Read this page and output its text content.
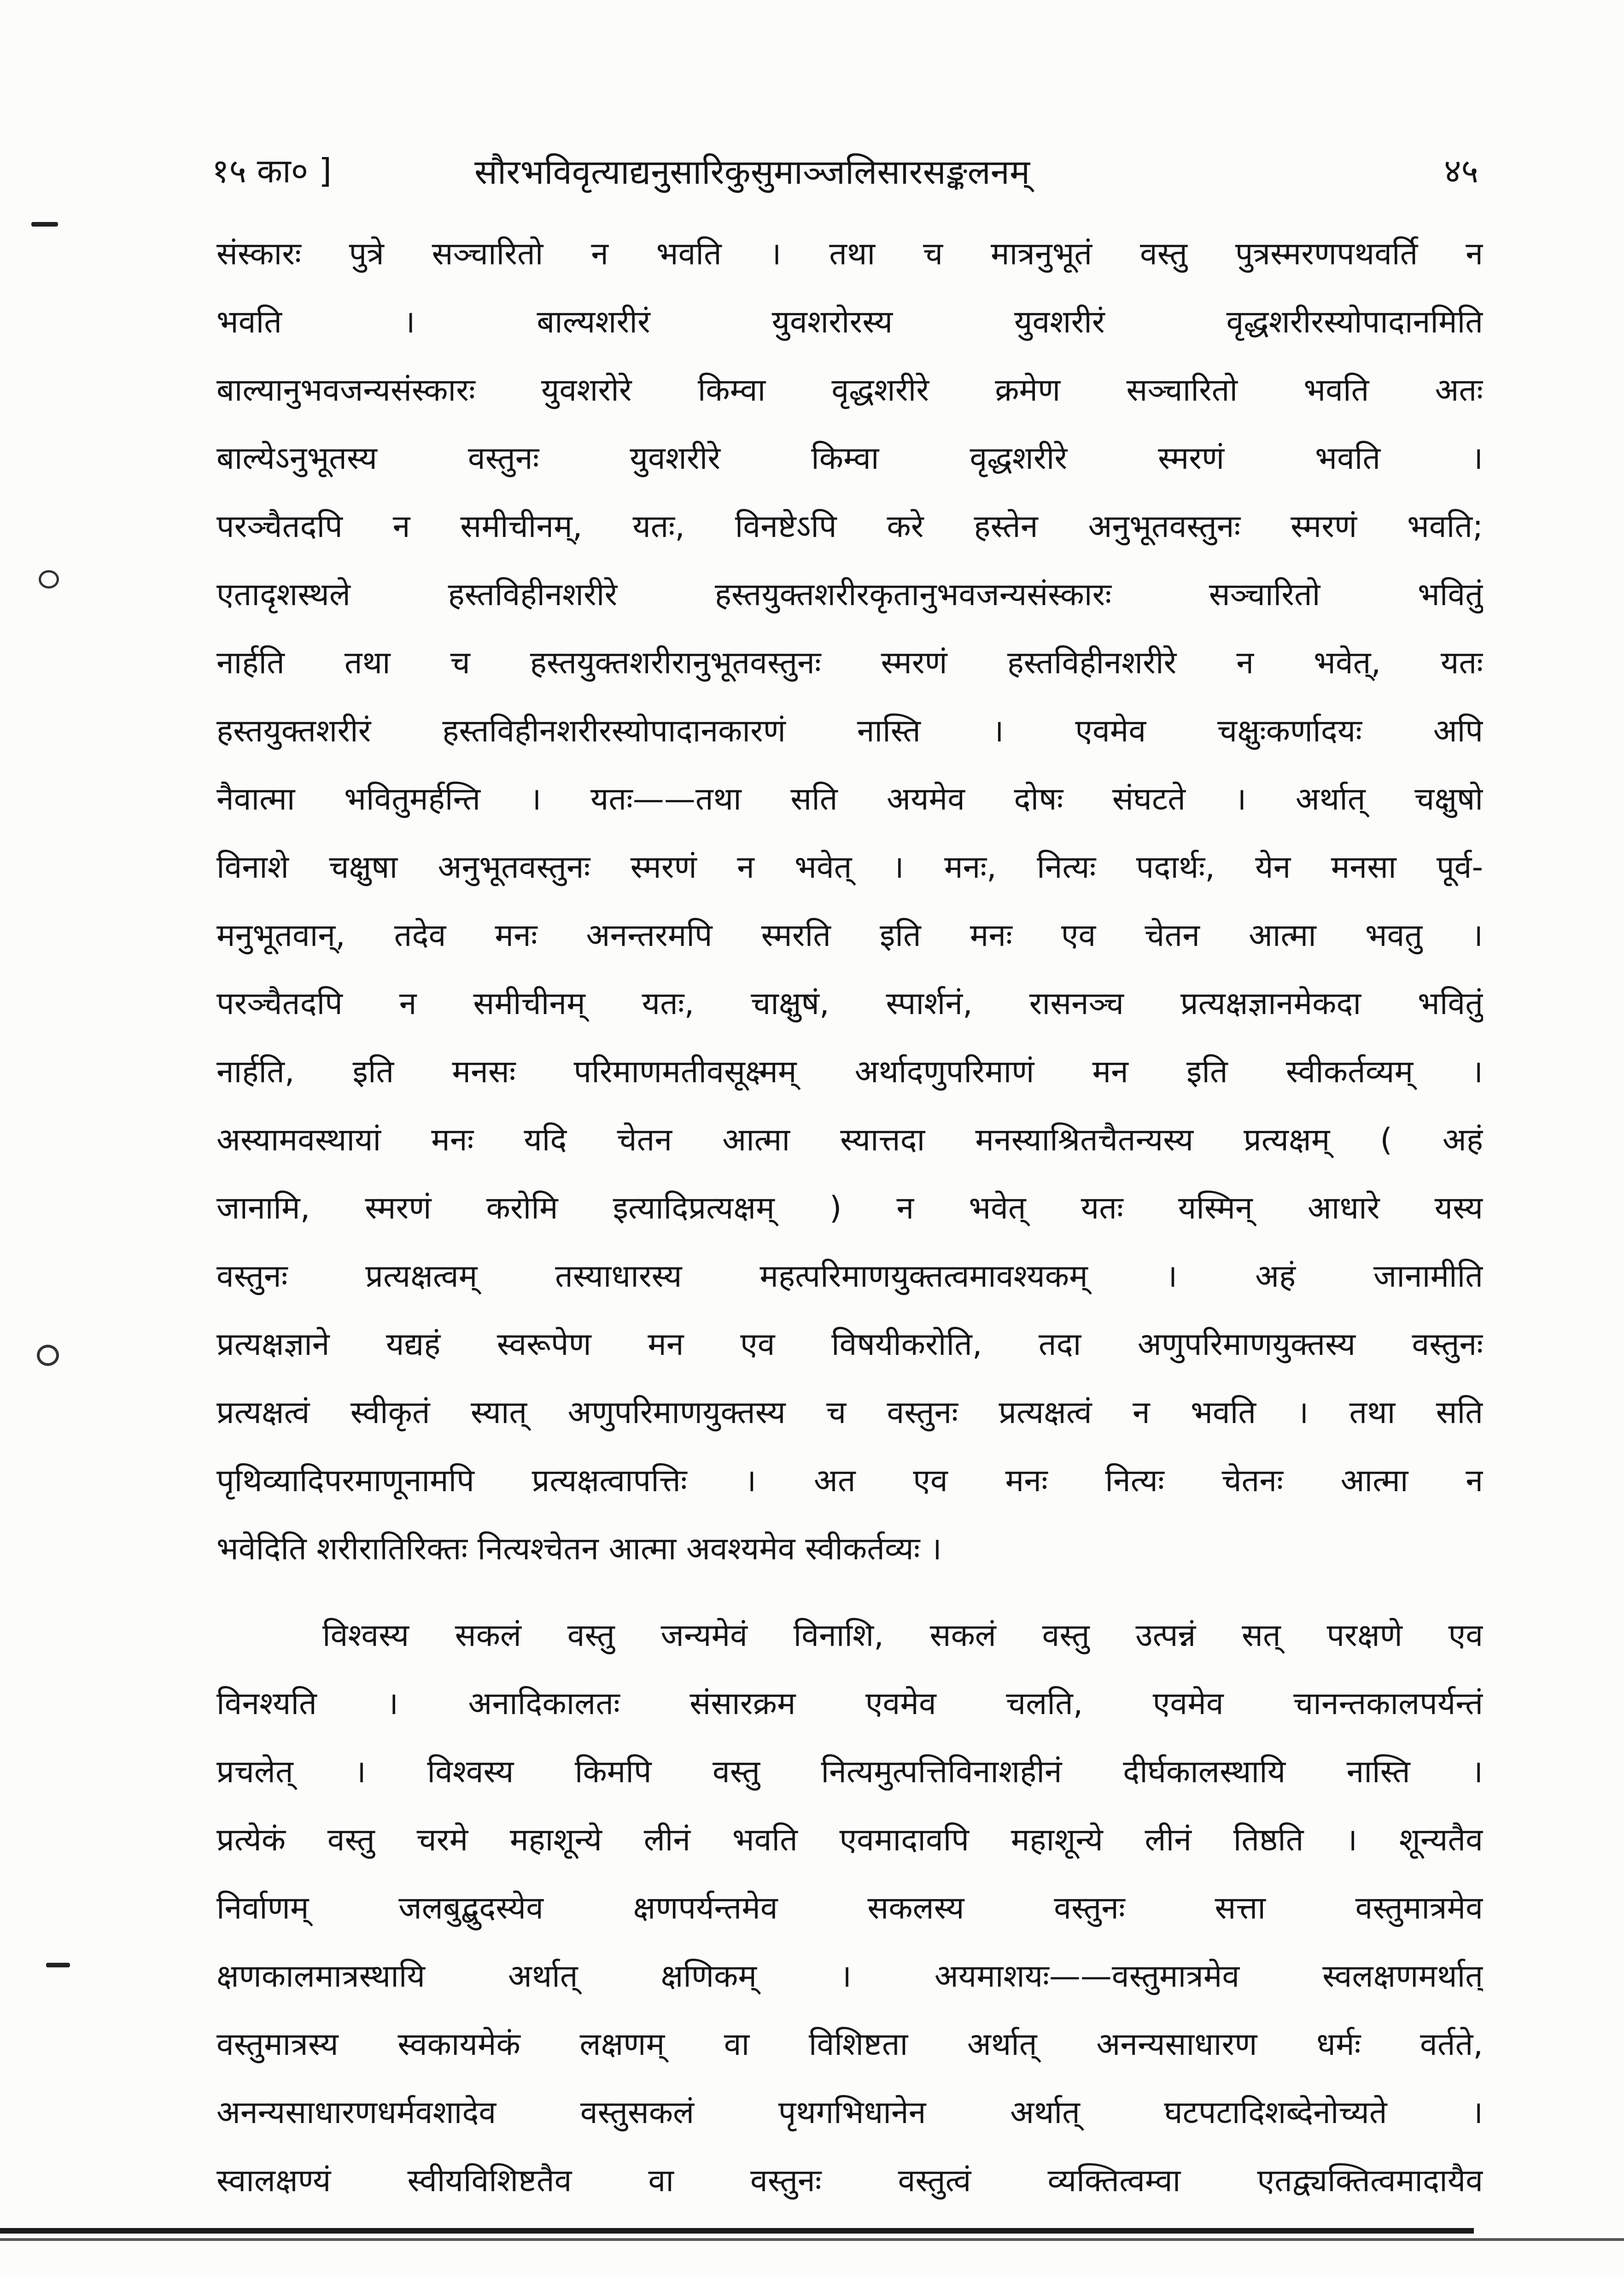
१५ का० ]	सौरभविवृत्याद्यनुसारिकुसुमाञ्जलिसारसङ्कलनम्	४५
संस्कारः पुत्रे सञ्चारितो न भवति । तथा च मात्रनुभूतं वस्तु पुत्रस्मरणपथवर्ति न
भवति । बाल्यशरीरं युवशरोरस्य युवशरीरं वृद्धशरीरस्योपादानमिति
बाल्यानुभवजन्यसंस्कारः युवशरोरे किम्वा वृद्धशरीरे क्रमेण सञ्चारितो भवति अतः
बाल्येऽनुभूतस्य वस्तुनः युवशरीरे किम्वा वृद्धशरीरे स्मरणं भवति ।
परञ्चैतदपि न समीचीनम्, यतः, विनष्टेऽपि करे हस्तेन अनुभूतवस्तुनः स्मरणं भवति;
एतादृशस्थले हस्तविहीनशरीरे हस्तयुक्तशरीरकृतानुभवजन्यसंस्कारः सञ्चारितो भवितुं
नार्हति तथा च हस्तयुक्तशरीरानुभूतवस्तुनः स्मरणं हस्तविहीनशरीरे न भवेत्, यतः
हस्तयुक्तशरीरं हस्तविहीनशरीरस्योपादानकारणं नास्ति । एवमेव चक्षुःकर्णादयः अपि
नैवात्मा भवितुमर्हन्ति । यतः——तथा सति अयमेव दोषः संघटते । अर्थात् चक्षुषो
विनाशे चक्षुषा अनुभूतवस्तुनः स्मरणं न भवेत् । मनः, नित्यः पदार्थः, येन मनसा पूर्व-
मनुभूतवान्, तदेव मनः अनन्तरमपि स्मरति इति मनः एव चेतन आत्मा भवतु ।
परञ्चैतदपि न समीचीनम् यतः, चाक्षुषं, स्पार्शनं, रासनञ्च प्रत्यक्षज्ञानमेकदा भवितुं
नार्हति, इति मनसः परिमाणमतीवसूक्ष्मम् अर्थादणुपरिमाणं मन इति स्वीकर्तव्यम् ।
अस्यामवस्थायां मनः यदि चेतन आत्मा स्यात्तदा मनस्याश्रितचैतन्यस्य प्रत्यक्षम् ( अहं
जानामि, स्मरणं करोमि इत्यादिप्रत्यक्षम् ) न भवेत् यतः यस्मिन् आधारे यस्य
वस्तुनः प्रत्यक्षत्वम् तस्याधारस्य महत्परिमाणयुक्तत्वमावश्यकम् । अहं जानामीति
प्रत्यक्षज्ञाने यद्यहं स्वरूपेण मन एव विषयीकरोति, तदा अणुपरिमाणयुक्तस्य वस्तुनः
प्रत्यक्षत्वं स्वीकृतं स्यात् अणुपरिमाणयुक्तस्य च वस्तुनः प्रत्यक्षत्वं न भवति । तथा सति
पृथिव्यादिपरमाणूनामपि प्रत्यक्षत्वापत्तिः । अत एव मनः नित्यः चेतनः आत्मा न
भवेदिति शरीरातिरिक्तः नित्यश्चेतन आत्मा अवश्यमेव स्वीकर्तव्यः ।
विश्वस्य सकलं वस्तु जन्यमेवं विनाशि, सकलं वस्तु उत्पन्नं सत् परक्षणे एव
विनश्यति । अनादिकालतः संसारक्रम एवमेव चलति, एवमेव चानन्तकालपर्यन्तं
प्रचलेत् । विश्वस्य किमपि वस्तु नित्यमुत्पत्तिविनाशहीनं दीर्घकालस्थायि नास्ति ।
प्रत्येकं वस्तु चरमे महाशून्ये लीनं भवति एवमादावपि महाशून्ये लीनं तिष्ठति । शून्यतैव
निर्वाणम् जलबुद्बुदस्येव क्षणपर्यन्तमेव सकलस्य वस्तुनः सत्ता वस्तुमात्रमेव
क्षणकालमात्रस्थायि अर्थात् क्षणिकम् । अयमाशयः——वस्तुमात्रमेव स्वलक्षणमर्थात्
वस्तुमात्रस्य स्वकायमेकं लक्षणम् वा विशिष्टता अर्थात् अनन्यसाधारण धर्मः वर्तते,
अनन्यसाधारणधर्मवशादेव वस्तुसकलं पृथगभिधानेन अर्थात् घटपटादिशब्देनोच्यते ।
स्वालक्षण्यं स्वीयविशिष्टतैव वा वस्तुनः वस्तुत्वं व्यक्तित्वम्वा एतद्व्यक्तित्वमादायैव
